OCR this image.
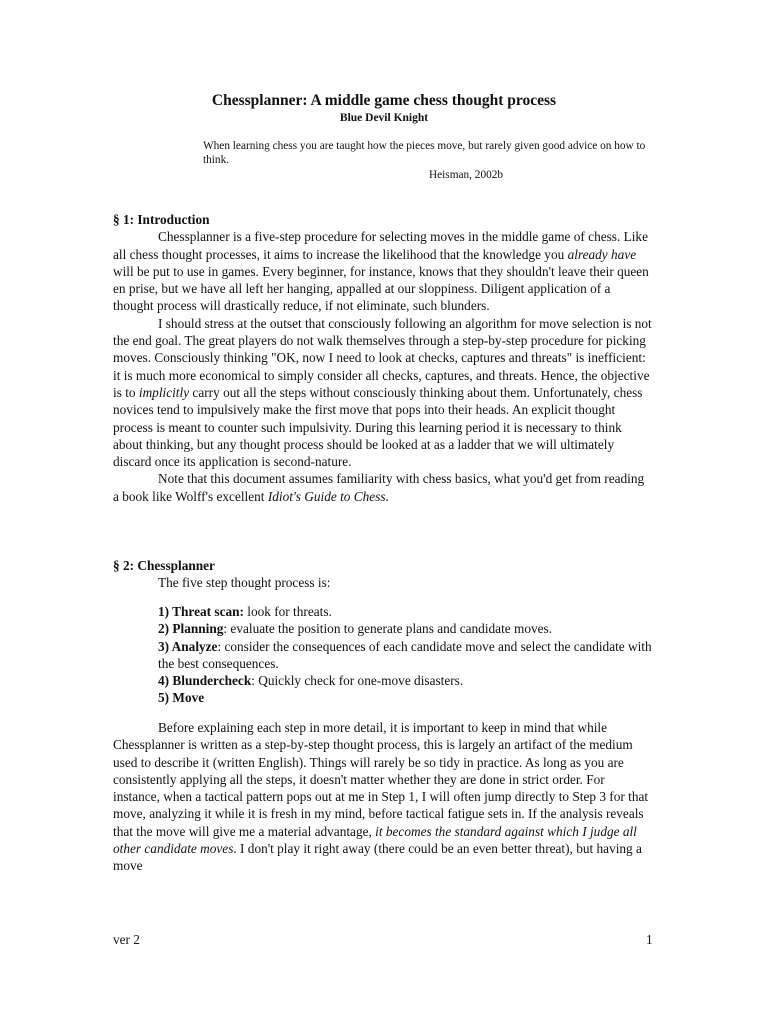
Chessplanner: A middle game chess thought process
Blue Devil Knight
When learning chess you are taught how the pieces move, but rarely given good advice on how to think.
Heisman, 2002b

§ 1: Introduction

Chessplanner is a five-step procedure for selecting moves in the middle game of chess. Like all chess thought processes, it aims to increase the likelihood that the knowledge you already have will be put to use in games. Every beginner, for instance, knows that they shouldn't leave their queen en prise, but we have all left her hanging, appalled at our sloppiness. Diligent application of a thought process will drastically reduce, if not eliminate, such blunders.

I should stress at the outset that consciously following an algorithm for move selection is not the end goal. The great players do not walk themselves through a step-by-step procedure for picking moves. Consciously thinking "OK, now I need to look at checks, captures and threats" is inefficient: it is much more economical to simply consider all checks, captures, and threats. Hence, the objective is to implicitly carry out all the steps without consciously thinking about them. Unfortunately, chess novices tend to impulsively make the first move that pops into their heads. An explicit thought process is meant to counter such impulsivity. During this learning period it is necessary to think about thinking, but any thought process should be looked at as a ladder that we will ultimately discard once its application is second-nature.

Note that this document assumes familiarity with chess basics, what you'd get from reading a book like Wolff's excellent Idiot's Guide to Chess.

§ 2: Chessplanner

The five step thought process is:

1) Threat scan: look for threats.
2) Planning: evaluate the position to generate plans and candidate moves.
3) Analyze: consider the consequences of each candidate move and select the candidate with the best consequences.
4) Blundercheck: Quickly check for one-move disasters.
5) Move

Before explaining each step in more detail, it is important to keep in mind that while Chessplanner is written as a step-by-step thought process, this is largely an artifact of the medium used to describe it (written English). Things will rarely be so tidy in practice. As long as you are consistently applying all the steps, it doesn't matter whether they are done in strict order. For instance, when a tactical pattern pops out at me in Step 1, I will often jump directly to Step 3 for that move, analyzing it while it is fresh in my mind, before tactical fatigue sets in. If the analysis reveals that the move will give me a material advantage, it becomes the standard against which I judge all other candidate moves. I don't play it right away (there could be an even better threat), but having a move

ver 2	1
